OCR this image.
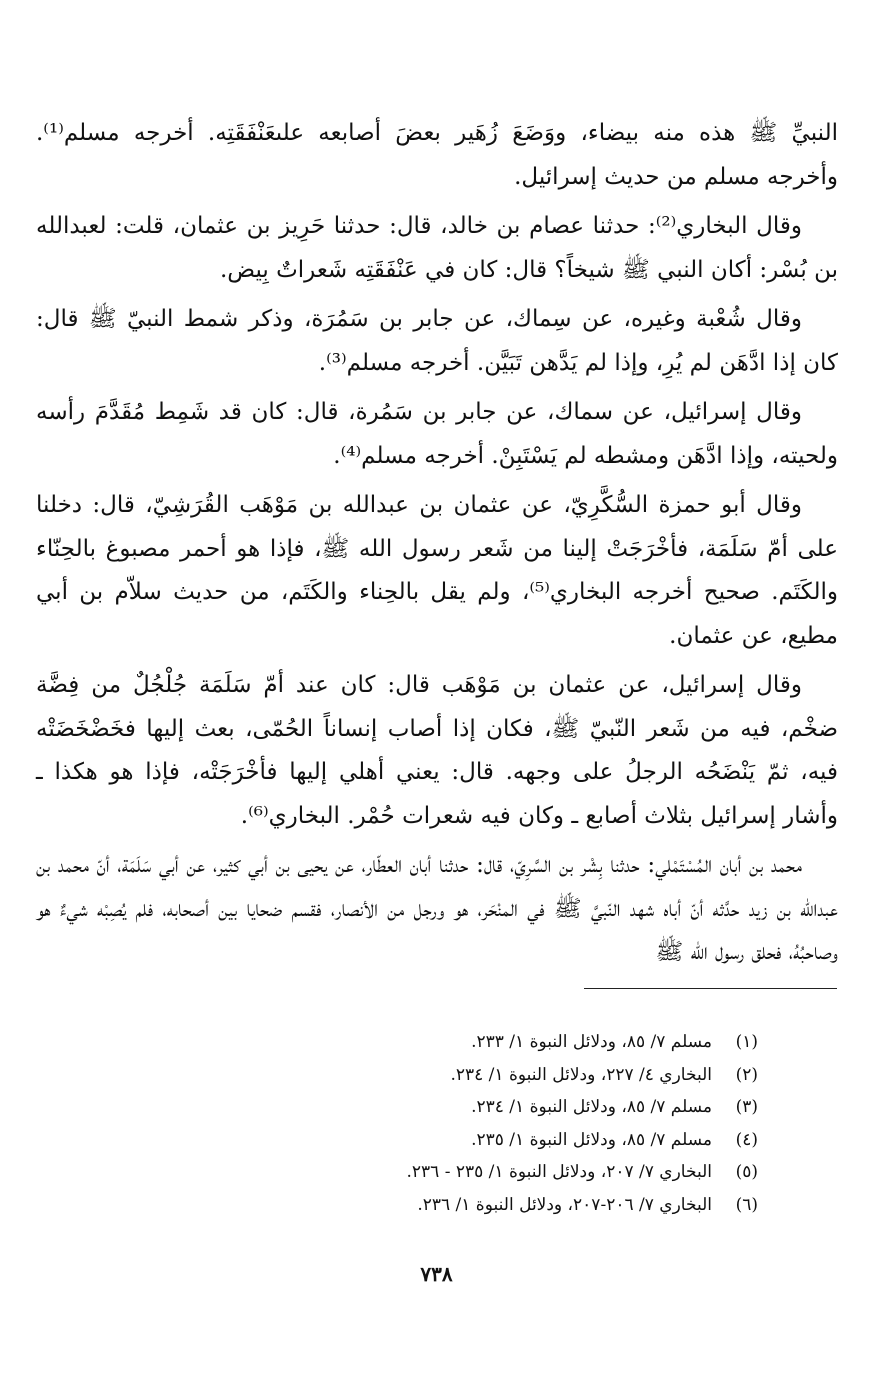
النبيِّ ﷺ هذه منه بيضاء، ووَضَعَ زُهَير بعضَ أصابعه علىعَنْفَقَتِه. أخرجه مسلم⁽¹⁾. وأخرجه مسلم من حديث إسرائيل.

وقال البخاري⁽²⁾: حدثنا عصام بن خالد، قال: حدثنا حَرِيز بن عثمان، قلت: لعبدالله بن بُسْر: أكان النبي ﷺ شيخاً؟ قال: كان في عَنْفَقَتِه شَعراتٌ بِيض.

وقال شُعْبة وغيره، عن سِماك، عن جابر بن سَمُرَة، وذكر شمط النبيّ ﷺ قال: كان إذا ادَّهَن لم يُرِ، وإذا لم يَدَّهن تَبَيَّن. أخرجه مسلم⁽³⁾.

وقال إسرائيل، عن سماك، عن جابر بن سَمُرة، قال: كان قد شَمِط مُقَدَّمَ رأسه ولحيته، وإذا ادَّهَن ومشطه لم يَسْتَبِنْ. أخرجه مسلم⁽⁴⁾.

وقال أبو حمزة السُّكَّرِيّ، عن عثمان بن عبدالله بن مَوْهَب القُرَشِيّ، قال: دخلنا على أمّ سَلَمَة، فأخْرَجَتْ إلينا من شَعر رسول الله ﷺ، فإذا هو أحمر مصبوغ بالحِنّاء والكَتَم. صحيح أخرجه البخاري⁽⁵⁾، ولم يقل بالحِناء والكَتَم، من حديث سلاّم بن أبي مطيع، عن عثمان.

وقال إسرائيل، عن عثمان بن مَوْهَب قال: كان عند أمّ سَلَمَة جُلْجُلٌ من فِضَّة ضخْم، فيه من شَعر النّبيّ ﷺ، فكان إذا أصاب إنساناً الحُمّى، بعث إليها فخَضْخَضَتْه فيه، ثمّ يَنْضَحُه الرجلُ على وجهه. قال: يعني أهلي إليها فأخْرَجَتْه، فإذا هو هكذا ـ وأشار إسرائيل بثلاث أصابع ـ وكان فيه شعرات حُمْر. البخاري⁽⁶⁾.

محمد بن أبان المُسْتَمْلي: حدثنا بِشْر بن السَّرِيّ، قال: حدثنا أبان العطّار، عن يحيى بن أبي كثير، عن أبي سَلَمَة، أنّ محمد بن عبدالله بن زيد حدَّثه أنّ أباه شهد النّبيَّ ﷺ في المنْحَر، هو ورجل من الأنصار، فقسم ضحايا بين أصحابه، فلم يُصِبْه شيءٌ هو وصاحبُهُ، فحلق رسول الله ﷺ

(١)
مسلم ٧/ ٨٥، ودلائل النبوة ١/ ٢٣٣.
(٢)
البخاري ٤/ ٢٢٧، ودلائل النبوة ١/ ٢٣٤.
(٣)
مسلم ٧/ ٨٥، ودلائل النبوة ١/ ٢٣٤.
(٤)
مسلم ٧/ ٨٥، ودلائل النبوة ١/ ٢٣٥.
(٥)
البخاري ٧/ ٢٠٧، ودلائل النبوة ١/ ٢٣٥ - ٢٣٦.
(٦)
البخاري ٧/ ٢٠٦-٢٠٧، ودلائل النبوة ١/ ٢٣٦.
٧٣٨
